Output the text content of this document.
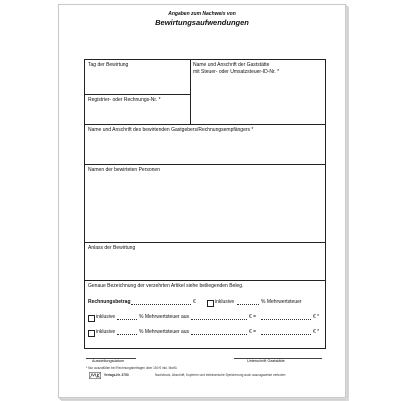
Angaben zum Nachweis von
Bewirtungsaufwendungen
Tag der Bewirtung
Registrier- oder Rechnungs-Nr. *
Name und Anschrift der Gaststätte
mit Steuer- oder Umsatzsteuer-ID-Nr. *
Name und Anschrift des bewirtenden Gastgebers/Rechnungsempfängers *
Namen der bewirteten Personen
Anlass der Bewirtung
Genaue Bezeichnung der verzehrten Artikel siehe beiliegenden Beleg.
Rechnungsbetrag	€	inklusive	% Mehrwertsteuer
inklusive	% Mehrwertsteuer aus	€ =	€ *
inklusive	% Mehrwertsteuer aus	€ =	€ *
Ausstellungsdatum	Unterschrift Gaststätte
* Nur auszufüllen bei Rechnungsbeträgen über 150 € inkl. MwSt.
Verlags-Nr. 3753	Nachdruck, Abschrift, Kopieren und elektronische Speicherung auch auszugsweise verboten
